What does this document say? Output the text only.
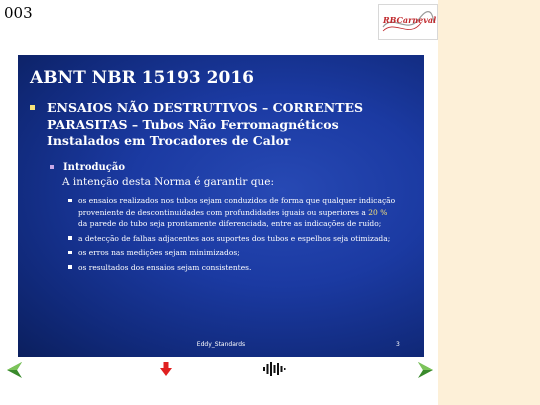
003	RBCarneval
ABNT NBR 15193 2016
ENSAIOS NÃO DESTRUTIVOS – CORRENTES PARASITAS – Tubos Não Ferromagnéticos Instalados em Trocadores de Calor
Introdução
A intenção desta Norma é garantir que:
os ensaios realizados nos tubos sejam conduzidos de forma que qualquer indicação proveniente de descontinuidades com profundidades iguais ou superiores a 20 % da parede do tubo seja prontamente diferenciada, entre as indicações de ruído;
a detecção de falhas adjacentes aos suportes dos tubos e espelhos seja otimizada;
os erros nas medições sejam minimizados;
os resultados dos ensaios sejam consistentes.
Eddy_Standards	3
